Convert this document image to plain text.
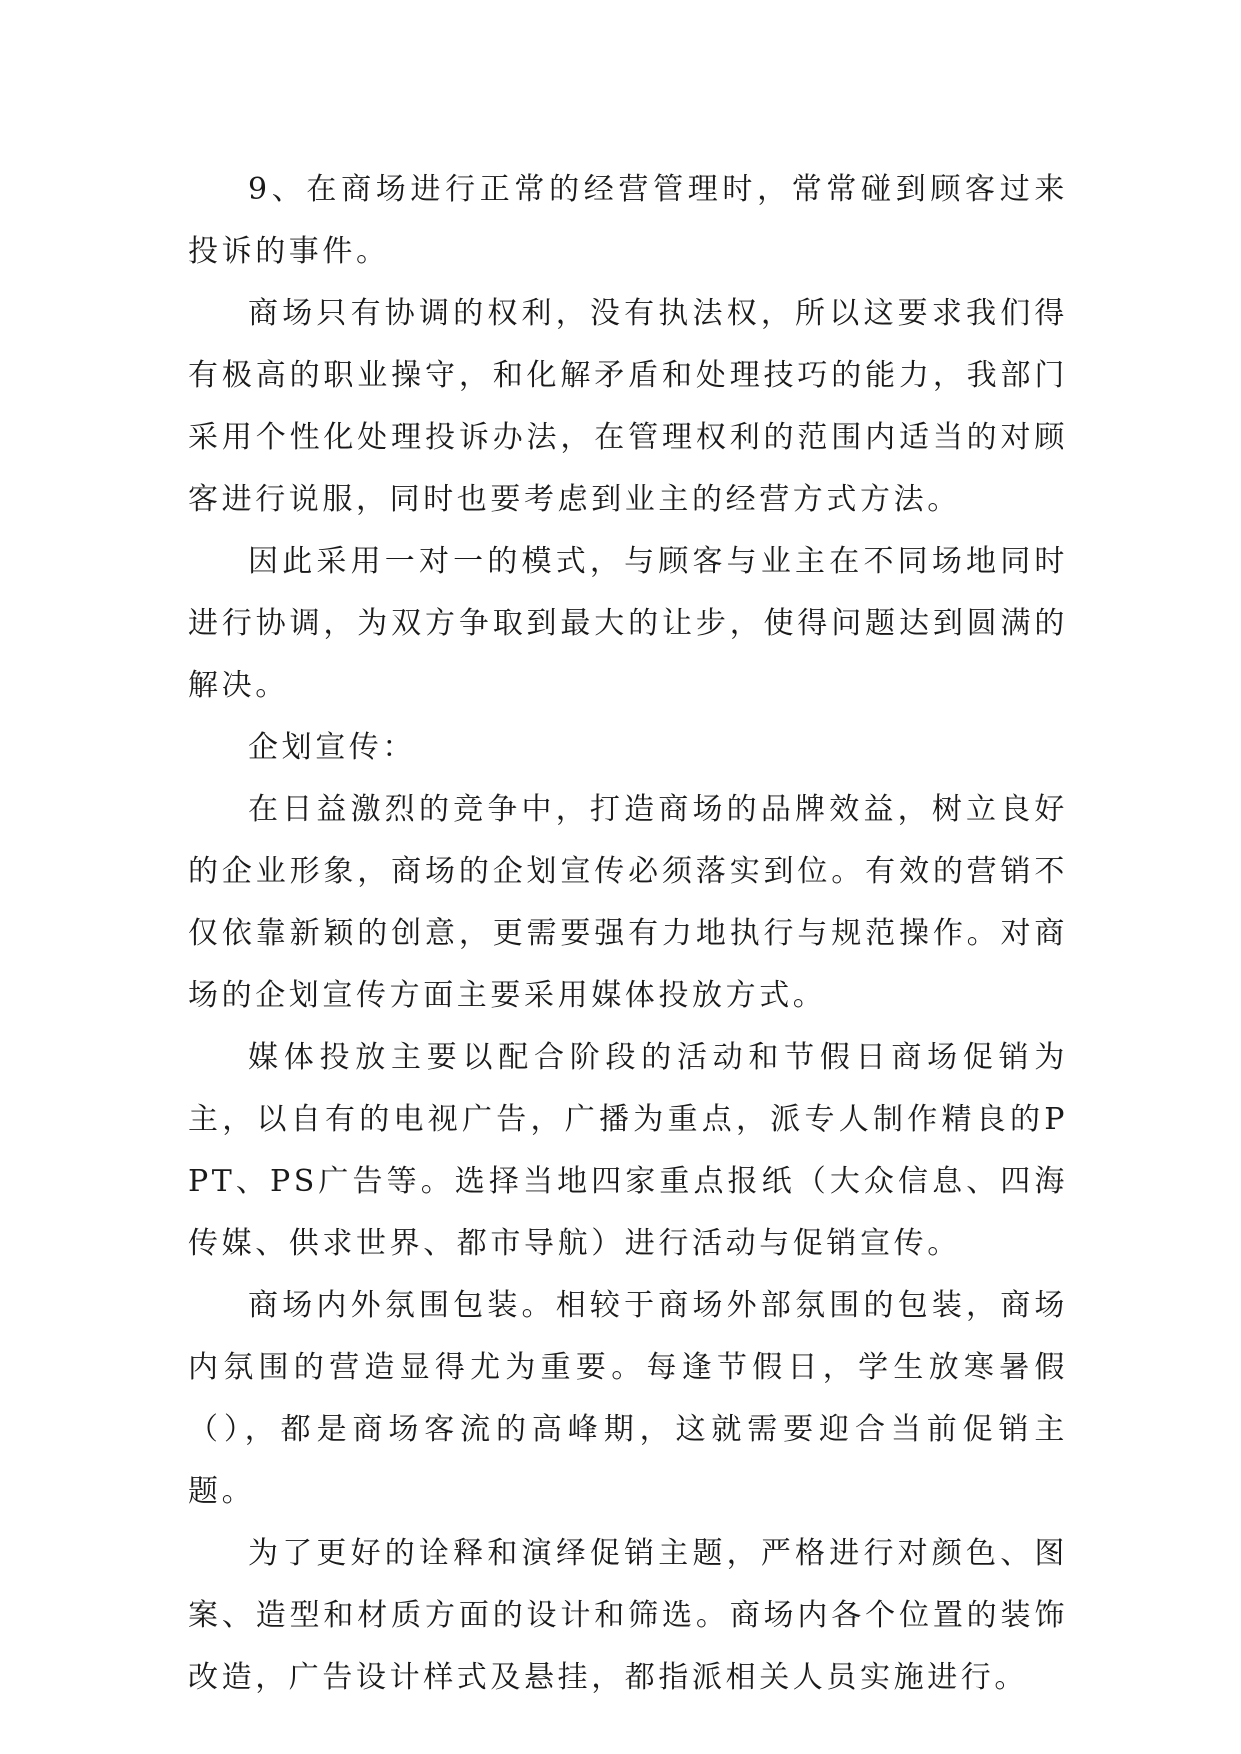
9、在商场进行正常的经营管理时，常常碰到顾客过来投诉的事件。

商场只有协调的权利，没有执法权，所以这要求我们得有极高的职业操守，和化解矛盾和处理技巧的能力，我部门采用个性化处理投诉办法，在管理权利的范围内适当的对顾客进行说服，同时也要考虑到业主的经营方式方法。

因此采用一对一的模式，与顾客与业主在不同场地同时进行协调，为双方争取到最大的让步，使得问题达到圆满的解决。

企划宣传：

在日益激烈的竞争中，打造商场的品牌效益，树立良好的企业形象，商场的企划宣传必须落实到位。有效的营销不仅依靠新颖的创意，更需要强有力地执行与规范操作。对商场的企划宣传方面主要采用媒体投放方式。

媒体投放主要以配合阶段的活动和节假日商场促销为主，以自有的电视广告，广播为重点，派专人制作精良的PPT、PS广告等。选择当地四家重点报纸（大众信息、四海传媒、供求世界、都市导航）进行活动与促销宣传。

商场内外氛围包装。相较于商场外部氛围的包装，商场内氛围的营造显得尤为重要。每逢节假日，学生放寒暑假（），都是商场客流的高峰期，这就需要迎合当前促销主题。

为了更好的诠释和演绎促销主题，严格进行对颜色、图案、造型和材质方面的设计和筛选。商场内各个位置的装饰改造，广告设计样式及悬挂，都指派相关人员实施进行。
